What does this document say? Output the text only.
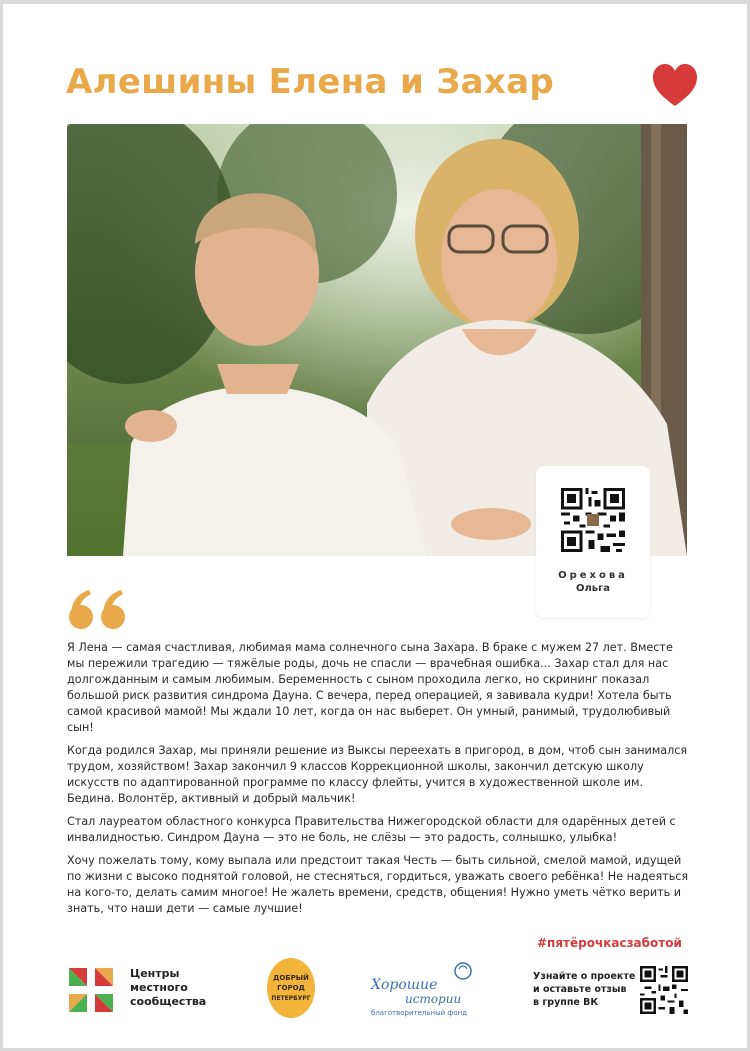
Алешины Елена и Захар
Орехова
Ольга

Я Лена — самая счастливая, любимая мама солнечного сына Захара. В браке с мужем 27 лет. Вместе мы пережили трагедию — тяжёлые роды, дочь не спасли — врачебная ошибка... Захар стал для нас долгожданным и самым любимым. Беременность с сыном проходила легко, но скрининг показал большой риск развития синдрома Дауна. С вечера, перед операцией, я завивала кудри! Хотела быть самой красивой мамой! Мы ждали 10 лет, когда он нас выберет. Он умный, ранимый, трудолюбивый сын!

Когда родился Захар, мы приняли решение из Выксы переехать в пригород, в дом, чтоб сын занимался трудом, хозяйством! Захар закончил 9 классов Коррекционной школы, закончил детскую школу искусств по адаптированной программе по классу флейты, учится в художественной школе им. Бедина. Волонтёр, активный и добрый мальчик!

Стал лауреатом областного конкурса Правительства Нижегородской области для одарённых детей с инвалидностью. Синдром Дауна — это не боль, не слёзы — это радость, солнышко, улыбка!

Хочу пожелать тому, кому выпала или предстоит такая Честь — быть сильной, смелой мамой, идущей по жизни с высоко поднятой головой, не стесняться, гордиться, уважать своего ребёнка! Не надеяться на кого-то, делать самим многое! Не жалеть времени, средств, общения! Нужно уметь чётко верить и знать, что наши дети — самые лучшие!

#пятёрочкасзаботой
Центры
местного
сообщества
ДОБРЫЙ
ГОРОД
ПЕТЕРБУРГ
Хорошие
истории
благотворительный фонд
Узнайте о проекте
и оставьте отзыв
в группе ВК
